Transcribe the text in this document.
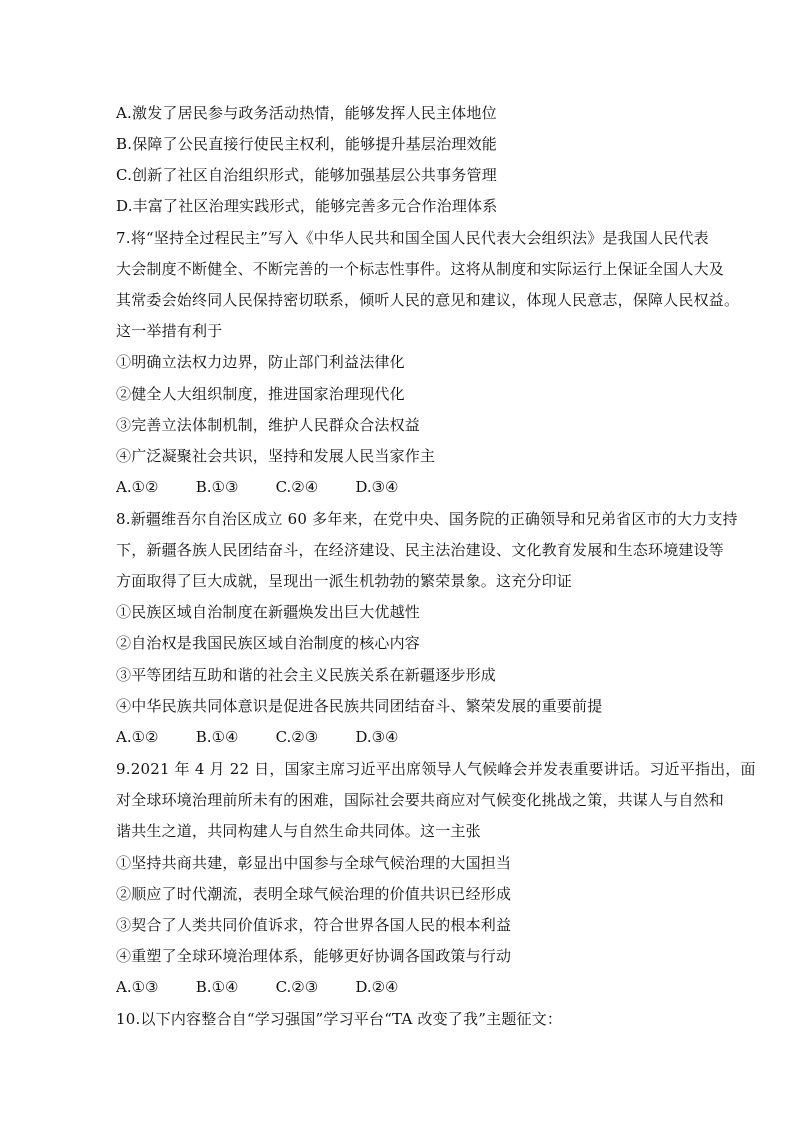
A.激发了居民参与政务活动热情，能够发挥人民主体地位
B.保障了公民直接行使民主权利，能够提升基层治理效能
C.创新了社区自治组织形式，能够加强基层公共事务管理
D.丰富了社区治理实践形式，能够完善多元合作治理体系
7.将“坚持全过程民主”写入《中华人民共和国全国人民代表大会组织法》是我国人民代表
大会制度不断健全、不断完善的一个标志性事件。这将从制度和实际运行上保证全国人大及
其常委会始终同人民保持密切联系，倾听人民的意见和建议，体现人民意志，保障人民权益。
这一举措有利于
①明确立法权力边界，防止部门利益法律化
②健全人大组织制度，推进国家治理现代化
③完善立法体制机制，维护人民群众合法权益
④广泛凝聚社会共识，坚持和发展人民当家作主
A.①② B.①③ C.②④ D.③④
8.新疆维吾尔自治区成立 60 多年来，在党中央、国务院的正确领导和兄弟省区市的大力支持
下，新疆各族人民团结奋斗，在经济建设、民主法治建设、文化教育发展和生态环境建设等
方面取得了巨大成就，呈现出一派生机勃勃的繁荣景象。这充分印证
①民族区域自治制度在新疆焕发出巨大优越性
②自治权是我国民族区域自治制度的核心内容
③平等团结互助和谐的社会主义民族关系在新疆逐步形成
④中华民族共同体意识是促进各民族共同团结奋斗、繁荣发展的重要前提
A.①② B.①④ C.②③ D.③④
9.2021 年 4 月 22 日，国家主席习近平出席领导人气候峰会并发表重要讲话。习近平指出，面
对全球环境治理前所未有的困难，国际社会要共商应对气候变化挑战之策，共谋人与自然和
谐共生之道，共同构建人与自然生命共同体。这一主张
①坚持共商共建，彰显出中国参与全球气候治理的大国担当
②顺应了时代潮流，表明全球气候治理的价值共识已经形成
③契合了人类共同价值诉求，符合世界各国人民的根本利益
④重塑了全球环境治理体系，能够更好协调各国政策与行动
A.①③ B.①④ C.②③ D.②④
10.以下内容整合自“学习强国”学习平台“TA 改变了我”主题征文：
